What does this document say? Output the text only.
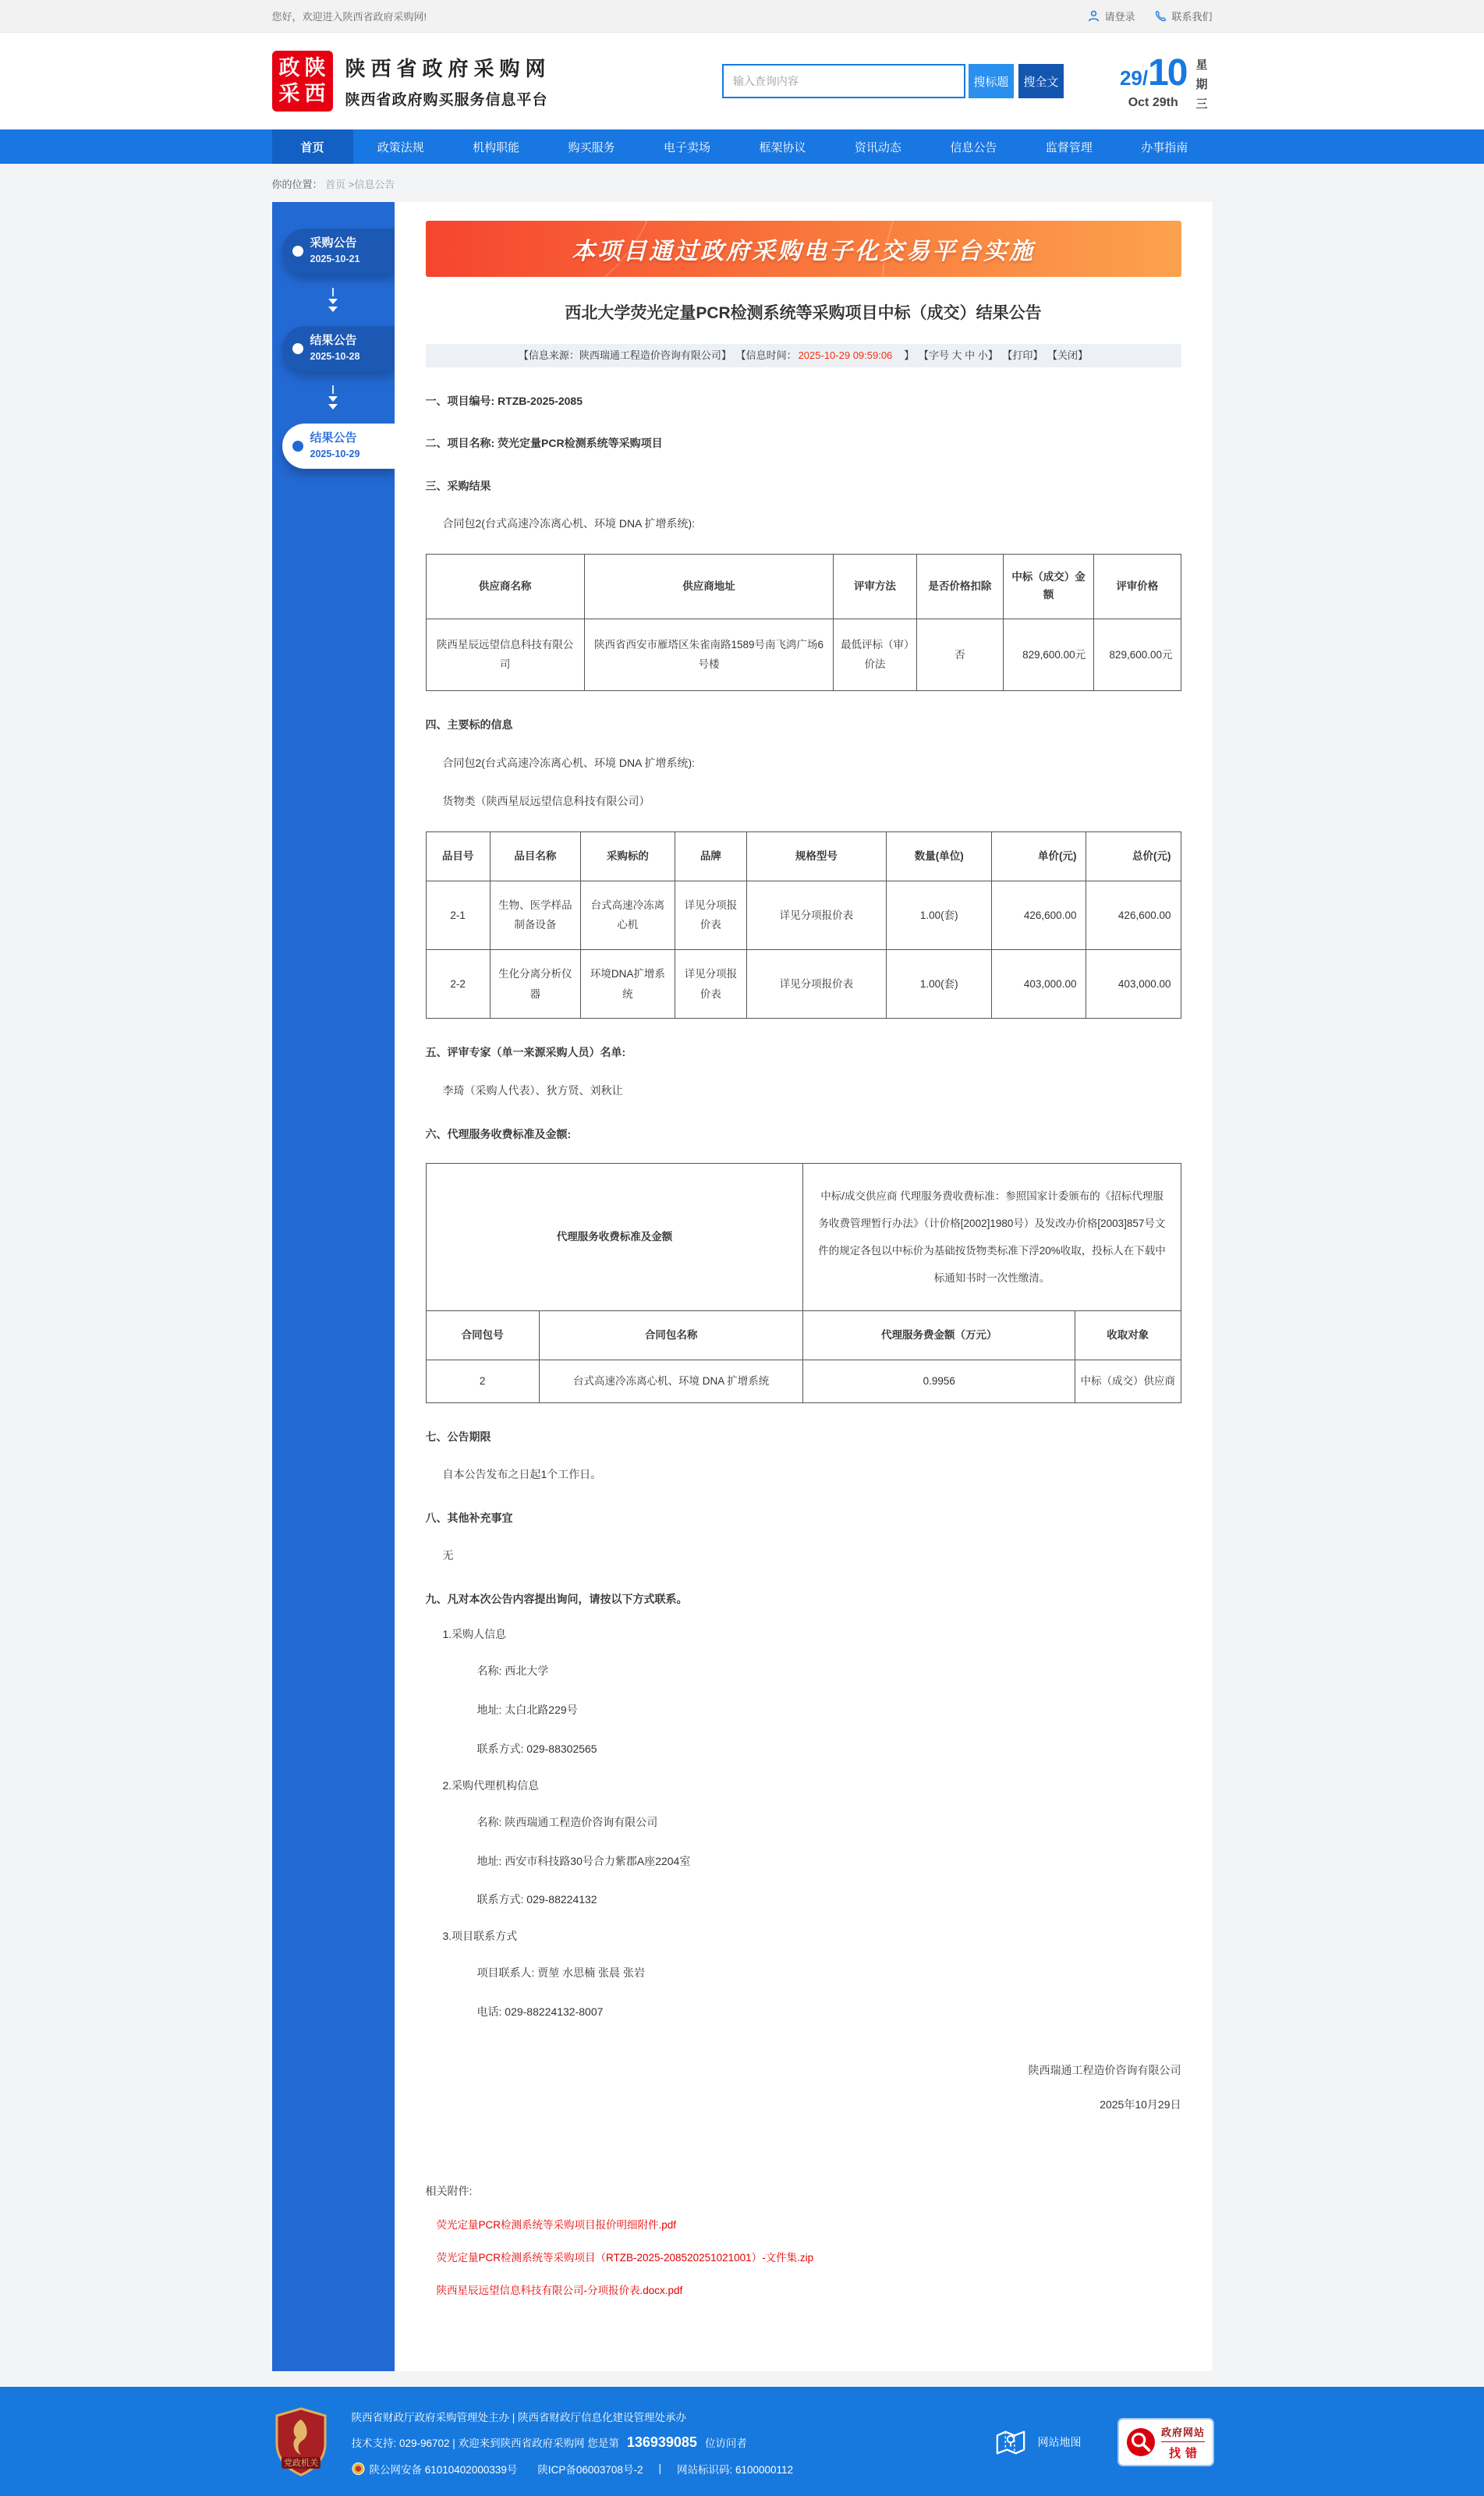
您好，欢迎进入陕西省政府采购网!	请登录	联系我们
政 陕
采 西
陕西省政府采购网
陕西省政府购买服务信息平台
输入查询内容
搜标题	搜全文	29/10
Oct 29th
星
期
三
首页	政策法规	机构职能	购买服务	电子卖场	框架协议	资讯动态	信息公告	监督管理	办事指南
你的位置： 首页 >信息公告
采购公告
2025-10-21
结果公告
2025-10-28
结果公告
2025-10-29
本项目通过政府采购电子化交易平台实施
西北大学荧光定量PCR检测系统等采购项目中标（成交）结果公告
【信息来源：陕西瑞通工程造价咨询有限公司】 【信息时间： 2025-10-29 09:59:06　】 【字号 大 中 小】 【打印】 【关闭】
一、项目编号: RTZB-2025-2085
二、项目名称: 荧光定量PCR检测系统等采购项目
三、采购结果
合同包2(台式高速冷冻离心机、环境 DNA 扩增系统):
供应商名称	供应商地址	评审方法	是否价格扣除	中标（成交）金额	评审价格
陕西星辰远望信息科技有限公司	陕西省西安市雁塔区朱雀南路1589号南飞鸿广场6号楼	最低评标（审）价法	否	829,600.00元	829,600.00元
四、主要标的信息
合同包2(台式高速冷冻离心机、环境 DNA 扩增系统):
货物类（陕西星辰远望信息科技有限公司）
品目号	品目名称	采购标的	品牌	规格型号	数量(单位)	单价(元)	总价(元)
2-1	生物、医学样品制备设备	台式高速冷冻离心机	详见分项报价表	详见分项报价表	1.00(套)	426,600.00	426,600.00
2-2	生化分离分析仪器	环境DNA扩增系统	详见分项报价表	详见分项报价表	1.00(套)	403,000.00	403,000.00
五、评审专家（单一来源采购人员）名单:
李琦（采购人代表）、狄方贤、刘秋让
六、代理服务收费标准及金额:
代理服务收费标准及金额		中标/成交供应商 代理服务费收费标准：参照国家计委颁布的《招标代理服务收费管理暂行办法》（计价格[2002]1980号）及发改办价格[2003]857号文件的规定各包以中标价为基础按货物类标准下浮20%收取，投标人在下载中标通知书时一次性缴清。	
合同包号	合同包名称	代理服务费金额（万元）	收取对象
2	台式高速冷冻离心机、环境 DNA 扩增系统	0.9956	中标（成交）供应商
七、公告期限
自本公告发布之日起1个工作日。
八、其他补充事宜
无
九、凡对本次公告内容提出询问，请按以下方式联系。
1.采购人信息
名称: 西北大学
地址: 太白北路229号
联系方式: 029-88302565
2.采购代理机构信息
名称: 陕西瑞通工程造价咨询有限公司
地址: 西安市科技路30号合力紫郡A座2204室
联系方式: 029-88224132
3.项目联系方式
项目联系人: 贾堃 水思楠 张晨 张岩
电话: 029-88224132-8007
陕西瑞通工程造价咨询有限公司
2025年10月29日
相关附件:
荧光定量PCR检测系统等采购项目报价明细附件.pdf
荧光定量PCR检测系统等采购项目（RTZB-2025-208520251021001）-文件集.zip
陕西星辰远望信息科技有限公司-分项报价表.docx.pdf
党政机关
陕西省财政厅政府采购管理处主办 | 陕西省财政厅信息化建设管理处承办
技术支持: 029-96702 | 欢迎来到陕西省政府采购网 您是第 136939085 位访问者
陕公网安备 61010402000339号 陕ICP备06003708号-2 | 网站标识码: 6100000112
网站地图
政府网站
找错
